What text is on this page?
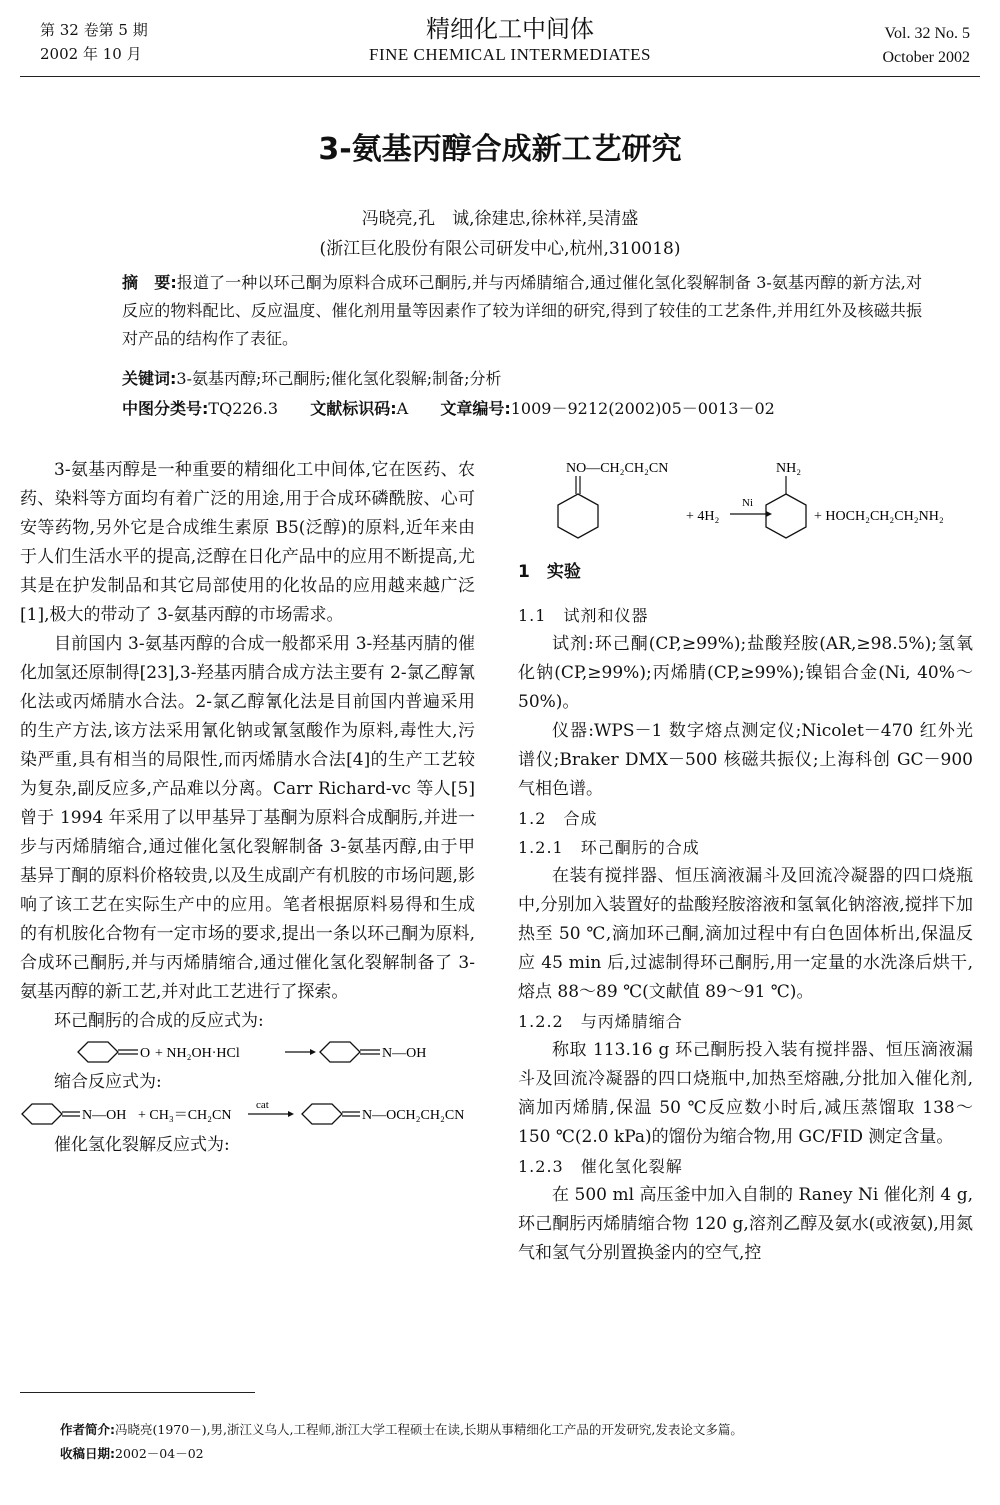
第 32 卷第 5 期
2002 年 10 月
精细化工中间体
FINE CHEMICAL INTERMEDIATES
Vol. 32 No. 5
October 2002
3-氨基丙醇合成新工艺研究
冯晓亮,孔　诚,徐建忠,徐林祥,吴清盛
(浙江巨化股份有限公司研发中心,杭州,310018)
摘　要:报道了一种以环己酮为原料合成环己酮肟,并与丙烯腈缩合,通过催化氢化裂解制备 3-氨基丙醇的新方法,对反应的物料配比、反应温度、催化剂用量等因素作了较为详细的研究,得到了较佳的工艺条件,并用红外及核磁共振对产品的结构作了表征。
关键词:3-氨基丙醇;环己酮肟;催化氢化裂解;制备;分析
中图分类号:TQ226.3 文献标识码:A 文章编号:1009－9212(2002)05－0013－02

3-氨基丙醇是一种重要的精细化工中间体,它在医药、农药、染料等方面均有着广泛的用途,用于合成环磷酰胺、心可安等药物,另外它是合成维生素原 B5(泛醇)的原料,近年来由于人们生活水平的提高,泛醇在日化产品中的应用不断提高,尤其是在护发制品和其它局部使用的化妆品的应用越来越广泛[1],极大的带动了 3-氨基丙醇的市场需求。

目前国内 3-氨基丙醇的合成一般都采用 3-羟基丙腈的催化加氢还原制得[23],3-羟基丙腈合成方法主要有 2-氯乙醇氰化法或丙烯腈水合法。2-氯乙醇氰化法是目前国内普遍采用的生产方法,该方法采用氰化钠或氰氢酸作为原料,毒性大,污染严重,具有相当的局限性,而丙烯腈水合法[4]的生产工艺较为复杂,副反应多,产品难以分离。Carr Richard-vc 等人[5]曾于 1994 年采用了以甲基异丁基酮为原料合成酮肟,并进一步与丙烯腈缩合,通过催化氢化裂解制备 3-氨基丙醇,由于甲基异丁酮的原料价格较贵,以及生成副产有机胺的市场问题,影响了该工艺在实际生产中的应用。笔者根据原料易得和生成的有机胺化合物有一定市场的要求,提出一条以环己酮为原料,合成环己酮肟,并与丙烯腈缩合,通过催化氢化裂解制备了 3-氨基丙醇的新工艺,并对此工艺进行了探索。

环己酮肟的合成的反应式为:

O + NH₂OH·HCl	N—OH

缩合反应式为:

N—OH + CH₃＝CH₂CN
cat
N—OCH₂CH₂CN

催化氢化裂解反应式为:

NO—CH₂CH₂CN
+ 4H₂
Ni
NH₂
+ HOCH₂CH₂CH₂NH₂

1　实验

1.1　试剂和仪器

试剂:环己酮(CP,≥99%);盐酸羟胺(AR,≥98.5%);氢氧化钠(CP,≥99%);丙烯腈(CP,≥99%);镍铝合金(Ni, 40%～50%)。

仪器:WPS－1 数字熔点测定仪;Nicolet－470 红外光谱仪;Braker DMX－500 核磁共振仪;上海科创 GC－900 气相色谱。

1.2　合成

1.2.1　环己酮肟的合成

在装有搅拌器、恒压滴液漏斗及回流冷凝器的四口烧瓶中,分别加入装置好的盐酸羟胺溶液和氢氧化钠溶液,搅拌下加热至 50 ℃,滴加环己酮,滴加过程中有白色固体析出,保温反应 45 min 后,过滤制得环己酮肟,用一定量的水洗涤后烘干,熔点 88～89 ℃(文献值 89～91 ℃)。

1.2.2　与丙烯腈缩合

称取 113.16 g 环己酮肟投入装有搅拌器、恒压滴液漏斗及回流冷凝器的四口烧瓶中,加热至熔融,分批加入催化剂,滴加丙烯腈,保温 50 ℃反应数小时后,减压蒸馏取 138～150 ℃(2.0 kPa)的馏份为缩合物,用 GC/FID 测定含量。

1.2.3　催化氢化裂解

在 500 ml 高压釜中加入自制的 Raney Ni 催化剂 4 g,环己酮肟丙烯腈缩合物 120 g,溶剂乙醇及氨水(或液氨),用氮气和氢气分别置换釜内的空气,控

作者简介:冯晓亮(1970－),男,浙江义乌人,工程师,浙江大学工程硕士在读,长期从事精细化工产品的开发研究,发表论文多篇。
收稿日期:2002－04－02
